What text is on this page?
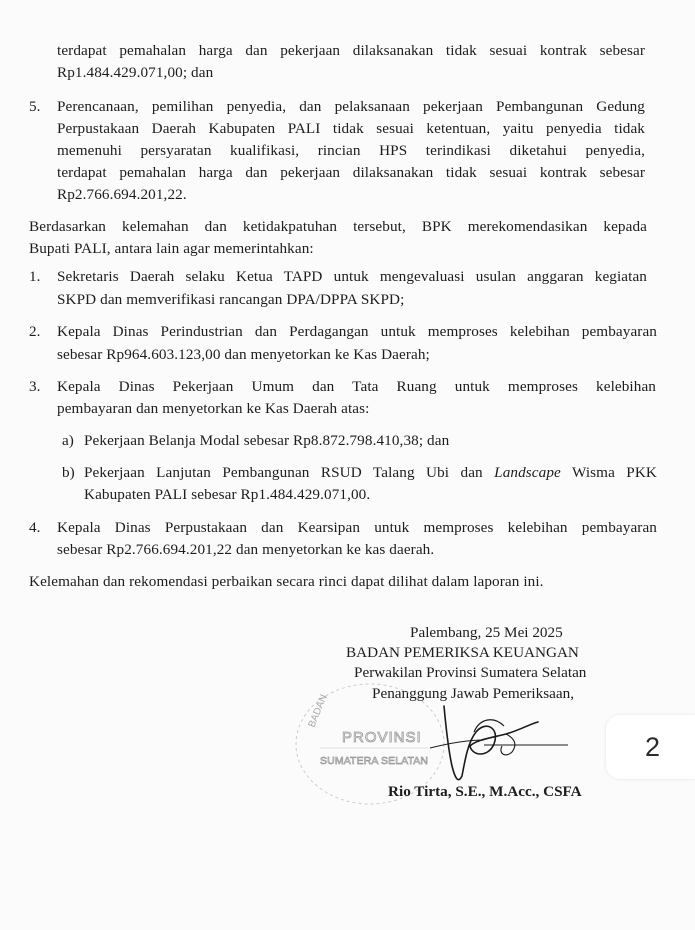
terdapat pemahalan harga dan pekerjaan dilaksanakan tidak sesuai kontrak sebesar

Rp1.484.429.071,00; dan

5. Perencanaan, pemilihan penyedia, dan pelaksanaan pekerjaan Pembangunan Gedung

Perpustakaan Daerah Kabupaten PALI tidak sesuai ketentuan, yaitu penyedia tidak

memenuhi persyaratan kualifikasi, rincian HPS terindikasi diketahui penyedia,

terdapat pemahalan harga dan pekerjaan dilaksanakan tidak sesuai kontrak sebesar

Rp2.766.694.201,22.

Berdasarkan kelemahan dan ketidakpatuhan tersebut, BPK merekomendasikan kepada

Bupati PALI, antara lain agar memerintahkan:

1. Sekretaris Daerah selaku Ketua TAPD untuk mengevaluasi usulan anggaran kegiatan

SKPD dan memverifikasi rancangan DPA/DPPA SKPD;

2. Kepala Dinas Perindustrian dan Perdagangan untuk memproses kelebihan pembayaran

sebesar Rp964.603.123,00 dan menyetorkan ke Kas Daerah;

3. Kepala Dinas Pekerjaan Umum dan Tata Ruang untuk memproses kelebihan

pembayaran dan menyetorkan ke Kas Daerah atas:

a) Pekerjaan Belanja Modal sebesar Rp8.872.798.410,38; dan

b) Pekerjaan Lanjutan Pembangunan RSUD Talang Ubi dan Landscape Wisma PKK

Kabupaten PALI sebesar Rp1.484.429.071,00.

4. Kepala Dinas Perpustakaan dan Kearsipan untuk memproses kelebihan pembayaran

sebesar Rp2.766.694.201,22 dan menyetorkan ke kas daerah.

Kelemahan dan rekomendasi perbaikan secara rinci dapat dilihat dalam laporan ini.

Palembang, 25 Mei 2025
BADAN PEMERIKSA KEUANGAN
Perwakilan Provinsi Sumatera Selatan
Penanggung Jawab Pemeriksaan,
BADAN
PROVINSI
SUMATERA SELATAN
Rio Tirta, S.E., M.Acc., CSFA
2
